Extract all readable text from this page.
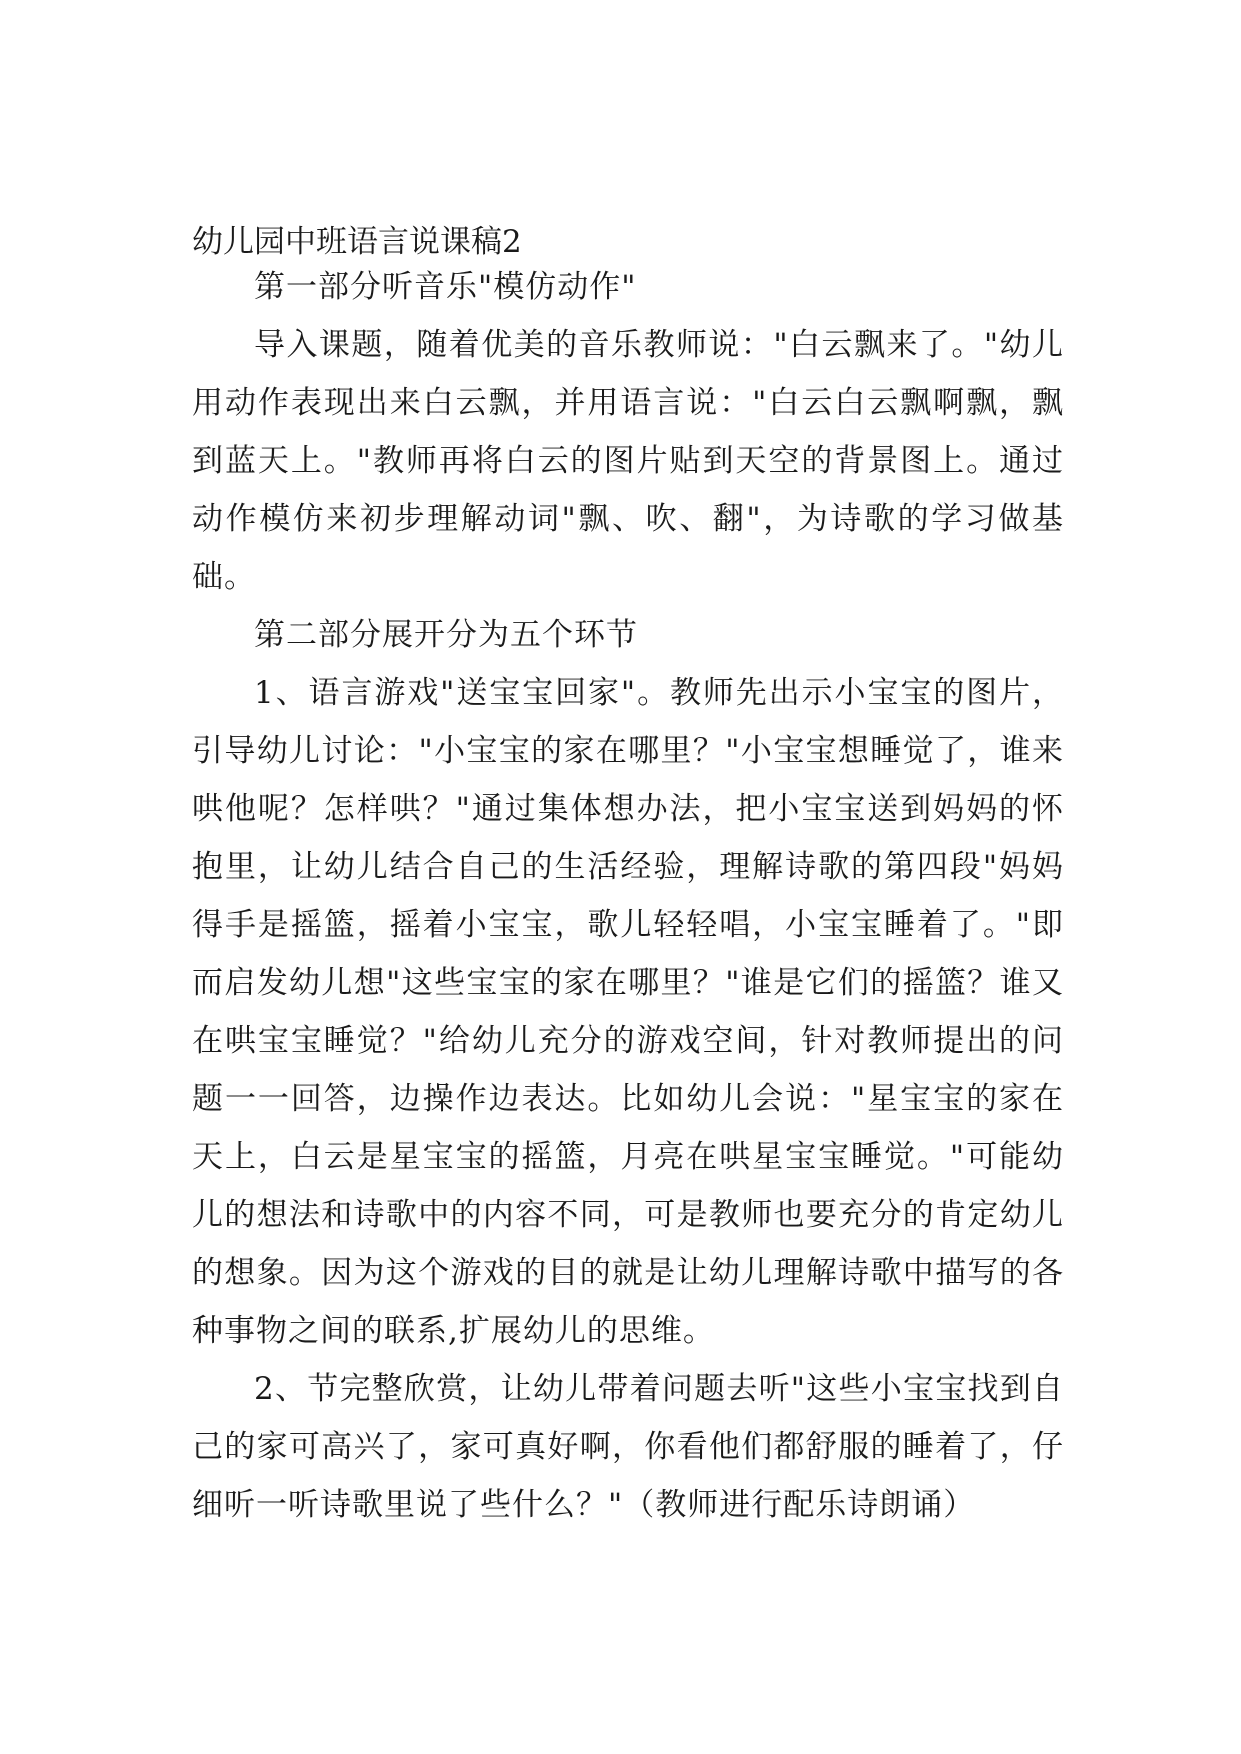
幼儿园中班语言说课稿2

第一部分听音乐"模仿动作"

导入课题，随着优美的音乐教师说："白云飘来了。"幼儿用动作表现出来白云飘，并用语言说："白云白云飘啊飘，飘到蓝天上。"教师再将白云的图片贴到天空的背景图上。通过动作模仿来初步理解动词"飘、吹、翻"，为诗歌的学习做基础。

第二部分展开分为五个环节

1、语言游戏"送宝宝回家"。教师先出示小宝宝的图片，引导幼儿讨论："小宝宝的家在哪里？"小宝宝想睡觉了，谁来哄他呢？怎样哄？"通过集体想办法，把小宝宝送到妈妈的怀抱里，让幼儿结合自己的生活经验，理解诗歌的第四段"妈妈得手是摇篮，摇着小宝宝，歌儿轻轻唱，小宝宝睡着了。"即而启发幼儿想"这些宝宝的家在哪里？"谁是它们的摇篮？谁又在哄宝宝睡觉？"给幼儿充分的游戏空间，针对教师提出的问题一一回答，边操作边表达。比如幼儿会说："星宝宝的家在天上，白云是星宝宝的摇篮，月亮在哄星宝宝睡觉。"可能幼儿的想法和诗歌中的内容不同，可是教师也要充分的肯定幼儿的想象。因为这个游戏的目的就是让幼儿理解诗歌中描写的各种事物之间的联系,扩展幼儿的思维。

2、节完整欣赏，让幼儿带着问题去听"这些小宝宝找到自己的家可高兴了，家可真好啊，你看他们都舒服的睡着了，仔细听一听诗歌里说了些什么？"（教师进行配乐诗朗诵）
